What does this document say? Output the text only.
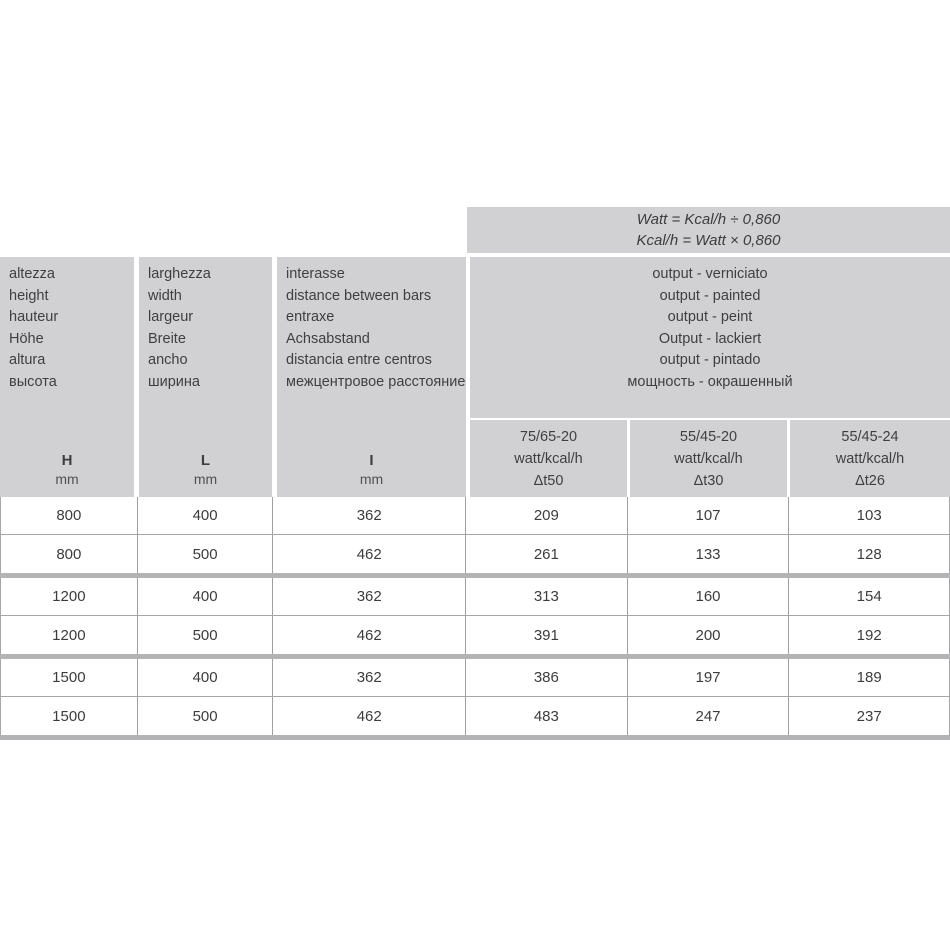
Watt = Kcal/h ÷ 0,860
Kcal/h = Watt × 0,860
altezza
height
hauteur
Höhe
altura
высота
H
mm
larghezza
width
largeur
Breite
ancho
ширина
L
mm
interasse
distance between bars
entraxe
Achsabstand
distancia entre centros
межцентровое расстояние
I
mm
output - verniciato
output - painted
output - peint
Output - lackiert
output - pintado
мощность - окрашенный
75/65-20
watt/kcal/h
Δt50
55/45-20
watt/kcal/h
Δt30
55/45-24
watt/kcal/h
Δt26
800	400	362	209	107	103
800	500	462	261	133	128
1200	400	362	313	160	154
1200	500	462	391	200	192
1500	400	362	386	197	189
1500	500	462	483	247	237
